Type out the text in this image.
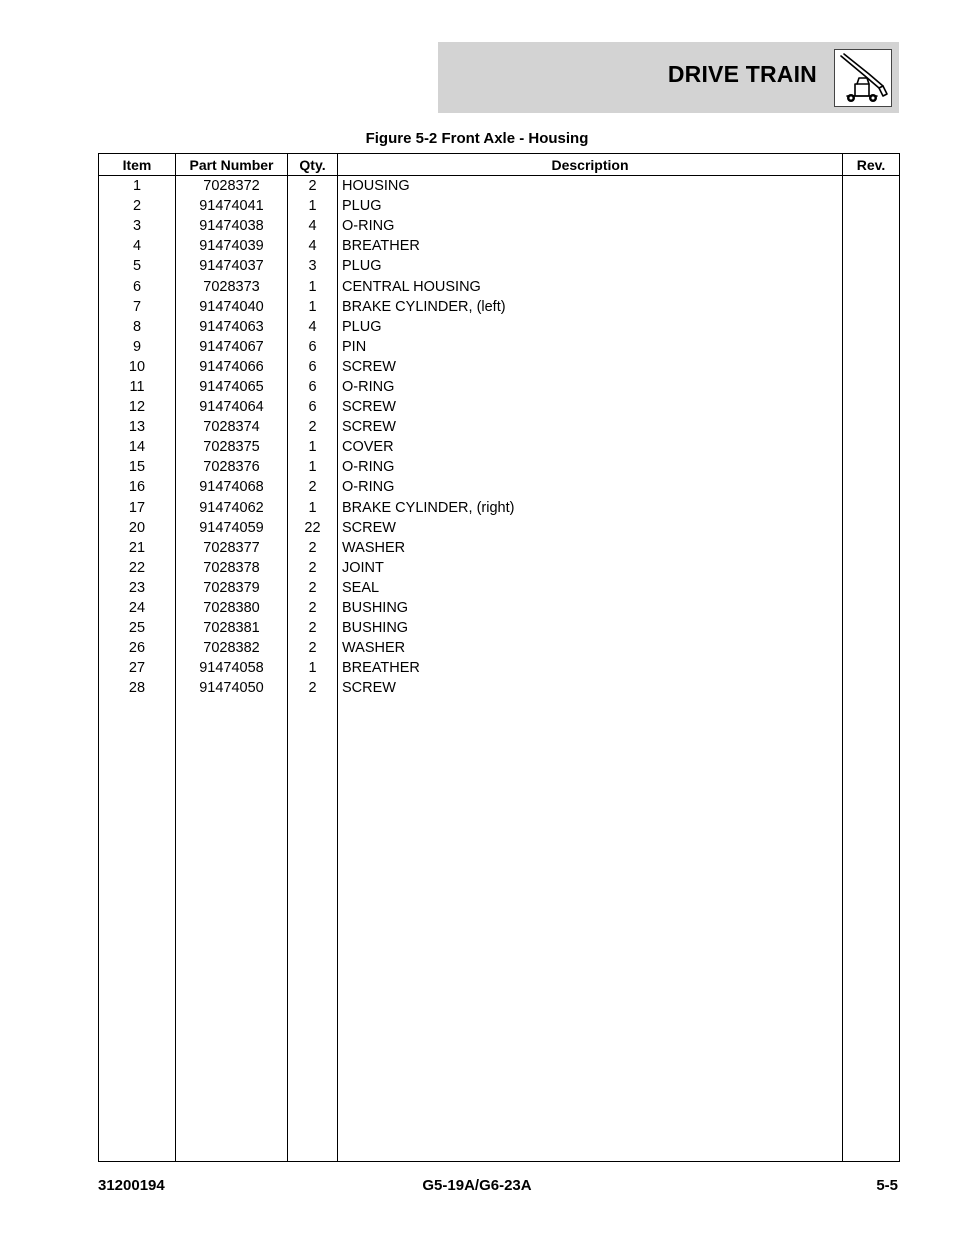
DRIVE TRAIN
Figure 5-2 Front Axle - Housing
Item	Part Number	Qty.	Description	Rev.
1	7028372	2	HOUSING	
2	91474041	1	PLUG	
3	91474038	4	O-RING	
4	91474039	4	BREATHER	
5	91474037	3	PLUG	
6	7028373	1	CENTRAL HOUSING	
7	91474040	1	BRAKE CYLINDER, (left)	
8	91474063	4	PLUG	
9	91474067	6	PIN	
10	91474066	6	SCREW	
11	91474065	6	O-RING	
12	91474064	6	SCREW	
13	7028374	2	SCREW	
14	7028375	1	COVER	
15	7028376	1	O-RING	
16	91474068	2	O-RING	
17	91474062	1	BRAKE CYLINDER, (right)	
20	91474059	22	SCREW	
21	7028377	2	WASHER	
22	7028378	2	JOINT	
23	7028379	2	SEAL	
24	7028380	2	BUSHING	
25	7028381	2	BUSHING	
26	7028382	2	WASHER	
27	91474058	1	BREATHER	
28	91474050	2	SCREW	

31200194	G5-19A/G6-23A	5-5
